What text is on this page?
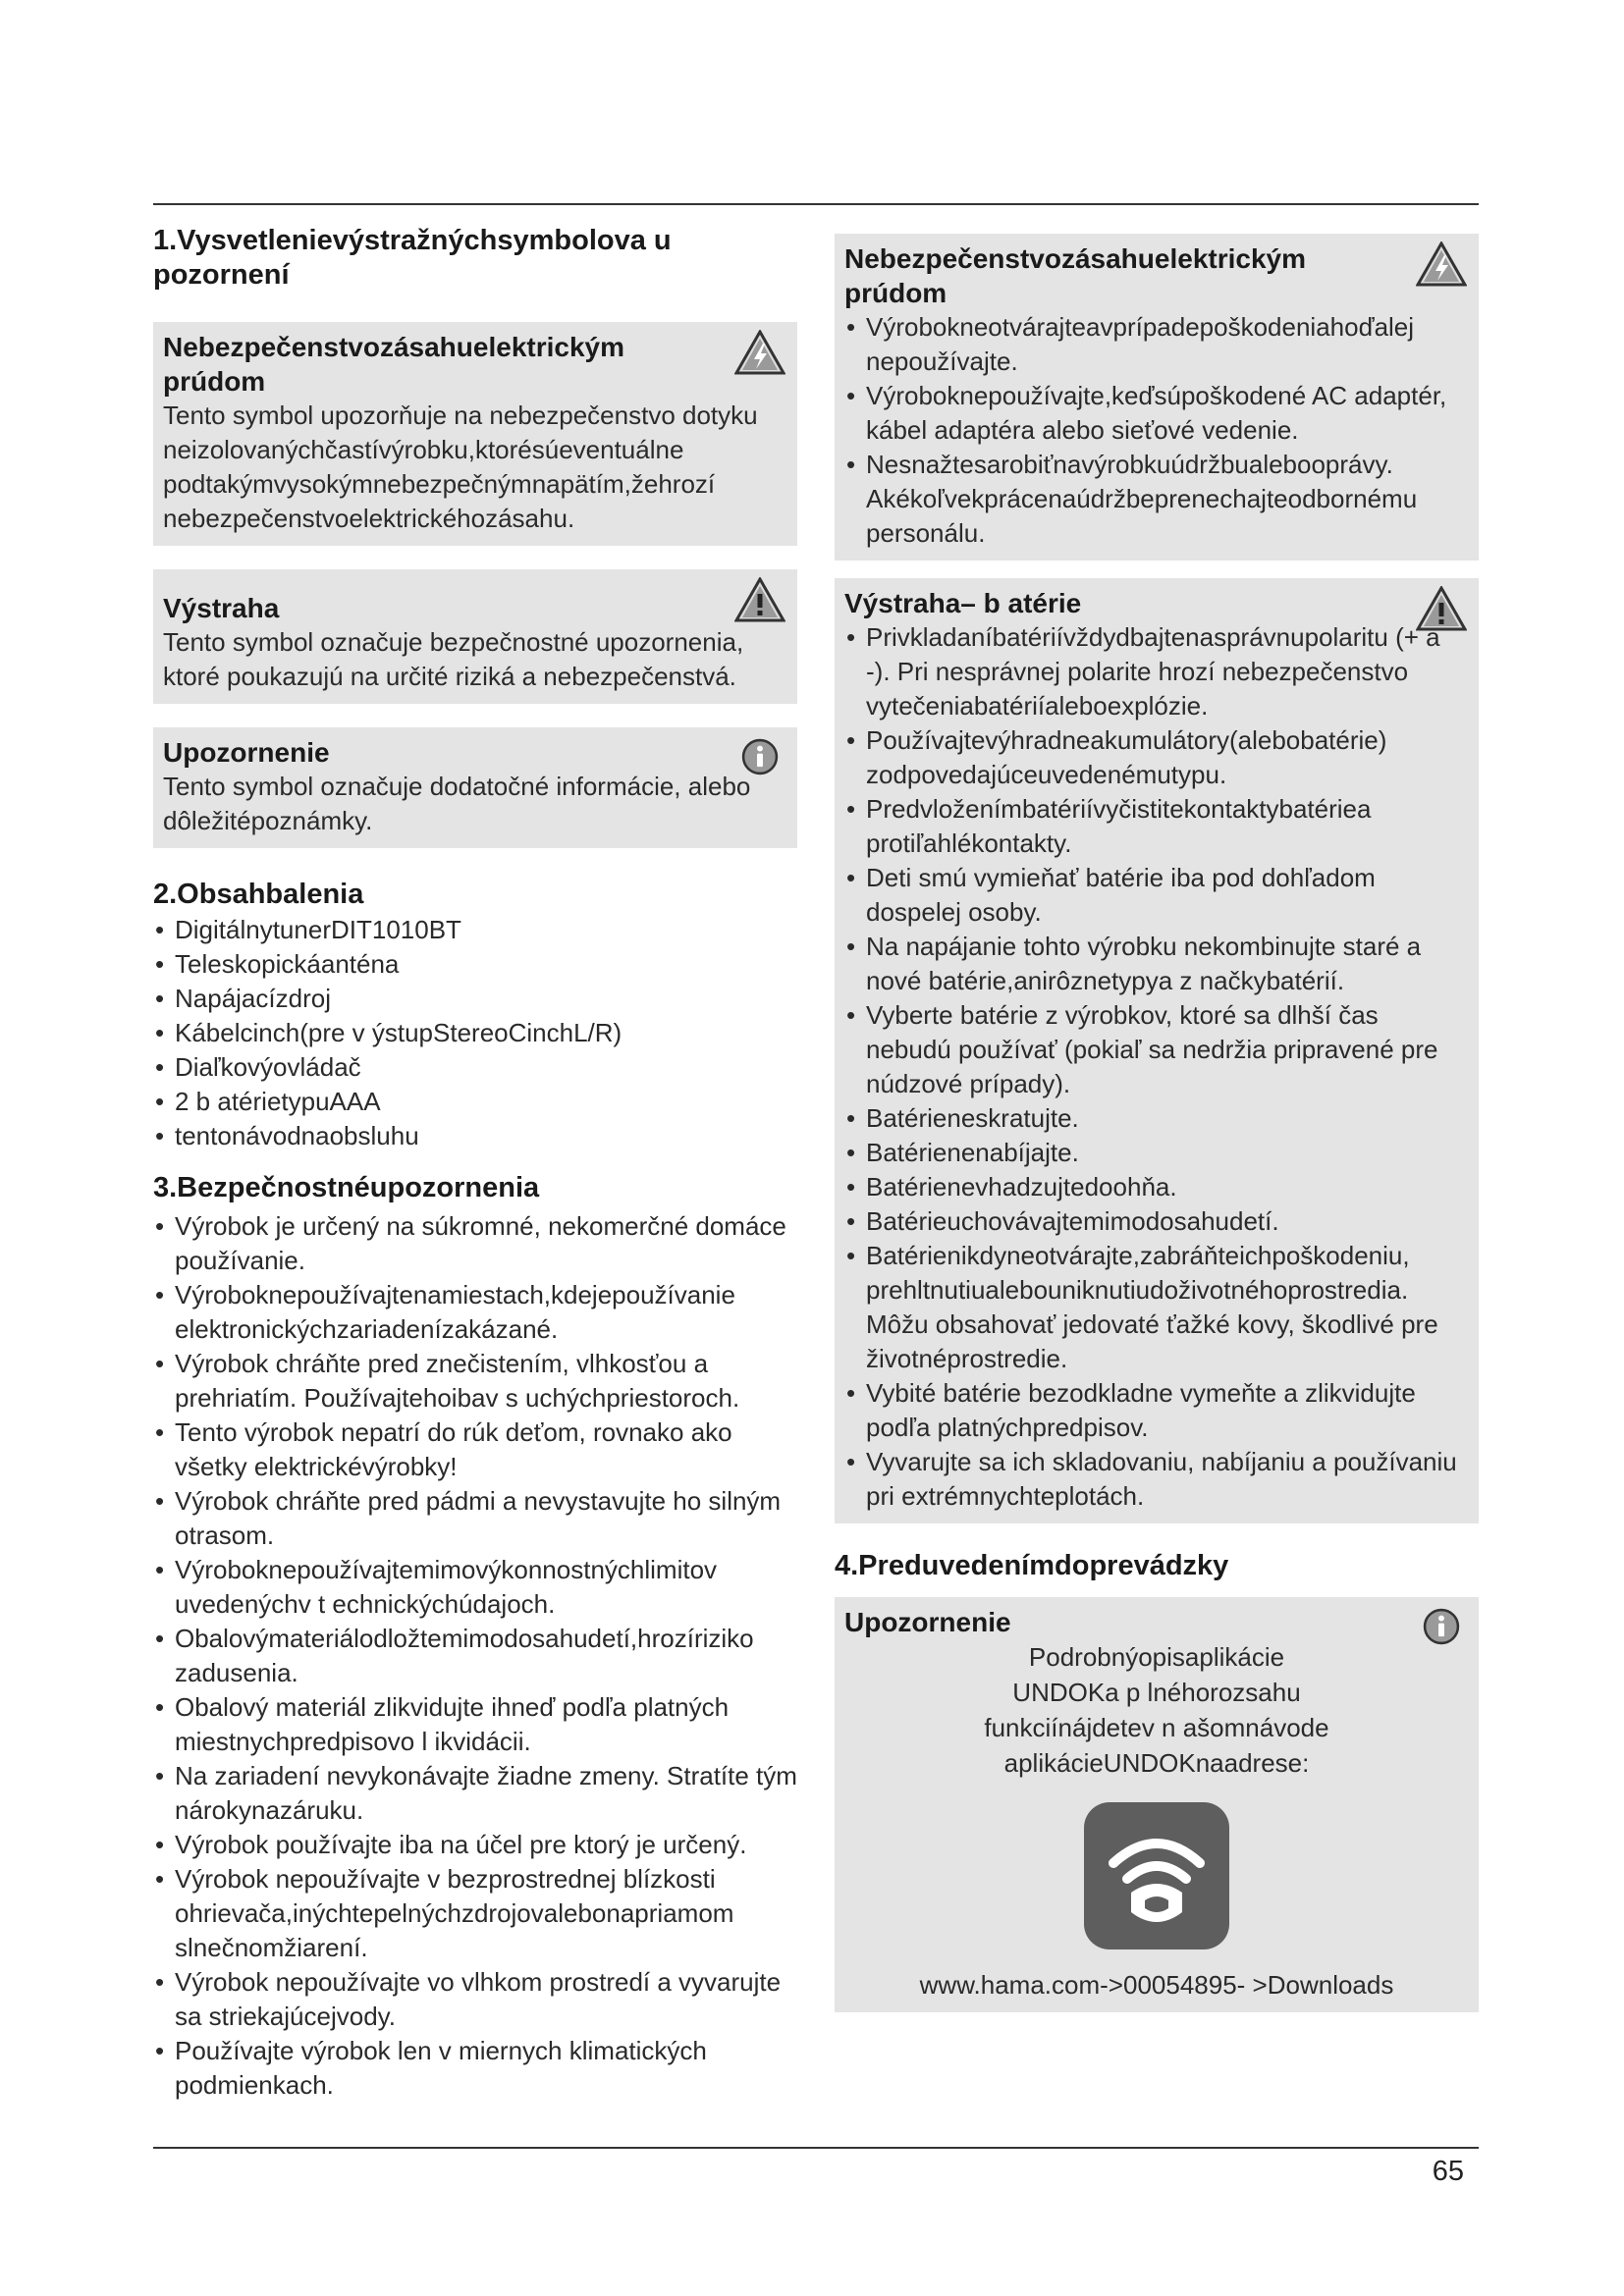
1.Vysvetlenievýstražnýchsymbolova u pozornení
Nebezpečenstvozásahuelektrickým prúdom
Tento symbol upozorňuje na nebezpečenstvo dotyku neizolovanýchčastívýrobku,ktorésúeventuálne podtakýmvysokýmnebezpečnýmnapätím,žehrozí nebezpečenstvoelektrickéhozásahu.
Výstraha
Tento symbol označuje bezpečnostné upozornenia, ktoré poukazujú na určité riziká a nebezpečenstvá.
Upozornenie
Tento symbol označuje dodatočné informácie, alebo dôležitépoznámky.
2.Obsahbalenia
• DigitálnytunerDIT1010BT
• Teleskopickáanténa
• Napájacízdroj
• Kábelcinch(pre v ýstupStereoCinchL/R)
• Diaľkovýovládač
• 2 b atérietypuAAA
• tentonávodnaobsluhu
3.Bezpečnostnéupozornenia
• Výrobok je určený na súkromné, nekomerčné domáce používanie.
• Výroboknepoužívajtenamiestach,kdejepoužívanie elektronickýchzariadenízakázané.
• Výrobok chráňte pred znečistením, vlhkosťou a prehriatím. Používajtehoibav s uchýchpriestoroch.
• Tento výrobok nepatrí do rúk deťom, rovnako ako všetky elektrickévýrobky!
• Výrobok chráňte pred pádmi a nevystavujte ho silným otrasom.
• Výroboknepoužívajtemimovýkonnostnýchlimitov uvedenýchv t echnickýchúdajoch.
• Obalovýmateriálodložtemimodosahudetí,hrozíriziko zadusenia.
• Obalový materiál zlikvidujte ihneď podľa platných miestnychpredpisovo l ikvidácii.
• Na zariadení nevykonávajte žiadne zmeny. Stratíte tým nárokynazáruku.
• Výrobok používajte iba na účel pre ktorý je určený.
• Výrobok nepoužívajte v bezprostrednej blízkosti ohrievača,inýchtepelnýchzdrojovalebonapriamom slnečnomžiarení.
• Výrobok nepoužívajte vo vlhkom prostredí a vyvarujte sa striekajúcejvody.
• Používajte výrobok len v miernych klimatických podmienkach.
Nebezpečenstvozásahuelektrickým prúdom
• Výrobokneotvárajteavprípadepoškodeniahoďalej nepoužívajte.
• Výroboknepoužívajte,keďsúpoškodené AC adaptér, kábel adaptéra alebo sieťové vedenie.
• Nesnažtesarobiťnavýrobkuúdržbualebooprávy. Akékoľvekprácenaúdržbeprenechajteodbornému personálu.
Výstraha– b atérie
• Privkladaníbatériívždydbajtenasprávnupolaritu (+ a -). Pri nesprávnej polarite hrozí nebezpečenstvo vytečeniabatériíaleboexplózie.
• Používajtevýhradneakumulátory(alebobatérie) zodpovedajúceuvedenémutypu.
• Predvloženímbatériívyčistitekontaktybatériea protiľahlékontakty.
• Deti smú vymieňať batérie iba pod dohľadom dospelej osoby.
• Na napájanie tohto výrobku nekombinujte staré a nové batérie,anirôznetypya z načkybatérií.
• Vyberte batérie z výrobkov, ktoré sa dlhší čas nebudú používať (pokiaľ sa nedržia pripravené pre núdzové prípady).
• Batérieneskratujte.
• Batérienenabíjajte.
• Batérienevhadzujtedoohňa.
• Batérieuchovávajtemimodosahudetí.
• Batérienikdyneotvárajte,zabráňteichpoškodeniu, prehltnutiualebouniknutiudoživotnéhoprostredia. Môžu obsahovať jedovaté ťažké kovy, škodlivé pre životnéprostredie.
• Vybité batérie bezodkladne vymeňte a zlikvidujte podľa platnýchpredpisov.
• Vyvarujte sa ich skladovaniu, nabíjaniu a používaniu pri extrémnychteplotách.
4.Preduvedenímdoprevádzky
Upozornenie
Podrobnýopisaplikácie
UNDOKa p lnéhorozsahu
funkciínájdetev n ašomnávode
aplikácieUNDOKnaadrese:
www.hama.com->00054895- >Downloads
65
